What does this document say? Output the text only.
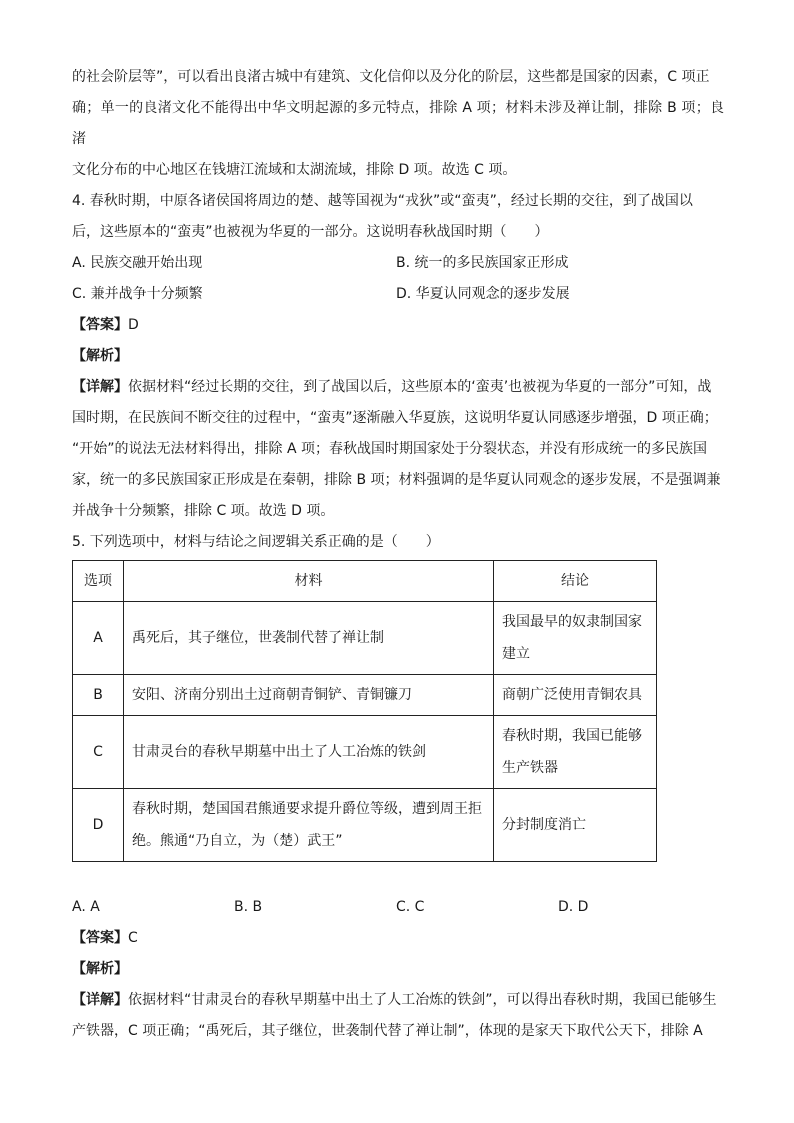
的社会阶层等”，可以看出良渚古城中有建筑、文化信仰以及分化的阶层，这些都是国家的因素，C 项正

确；单一的良渚文化不能得出中华文明起源的多元特点，排除 A 项；材料未涉及禅让制，排除 B 项；良渚

文化分布的中心地区在钱塘江流域和太湖流域，排除 D 项。故选 C 项。

4. 春秋时期，中原各诸侯国将周边的楚、越等国视为“戎狄”或“蛮夷”，经过长期的交往，到了战国以

后，这些原本的“蛮夷”也被视为华夏的一部分。这说明春秋战国时期（　　）

A. 民族交融开始出现	B. 统一的多民族国家正形成
C. 兼并战争十分频繁	D. 华夏认同观念的逐步发展

【答案】D

【解析】

【详解】依据材料“经过长期的交往，到了战国以后，这些原本的‘蛮夷’也被视为华夏的一部分”可知，战

国时期，在民族间不断交往的过程中，“蛮夷”逐渐融入华夏族，这说明华夏认同感逐步增强，D 项正确；

“开始”的说法无法材料得出，排除 A 项；春秋战国时期国家处于分裂状态，并没有形成统一的多民族国

家，统一的多民族国家正形成是在秦朝，排除 B 项；材料强调的是华夏认同观念的逐步发展，不是强调兼

并战争十分频繁，排除 C 项。故选 D 项。

5. 下列选项中，材料与结论之间逻辑关系正确的是（　　）

选项	材料	结论
A	禹死后，其子继位，世袭制代替了禅让制	我国最早的奴隶制国家
建立

B	安阳、济南分别出土过商朝青铜铲、青铜镰刀	商朝广泛使用青铜农具
C	甘肃灵台的春秋早期墓中出土了人工冶炼的铁剑	春秋时期，我国已能够
生产铁器

D	春秋时期，楚国国君熊通要求提升爵位等级，遭到周王拒
绝。熊通“乃自立，为（楚）武王”	分封制度消亡
A. A	B. B	C. C	D. D

【答案】C

【解析】

【详解】依据材料“甘肃灵台的春秋早期墓中出土了人工冶炼的铁剑”，可以得出春秋时期，我国已能够生

产铁器，C 项正确；“禹死后，其子继位，世袭制代替了禅让制”，体现的是家天下取代公天下，排除 A
